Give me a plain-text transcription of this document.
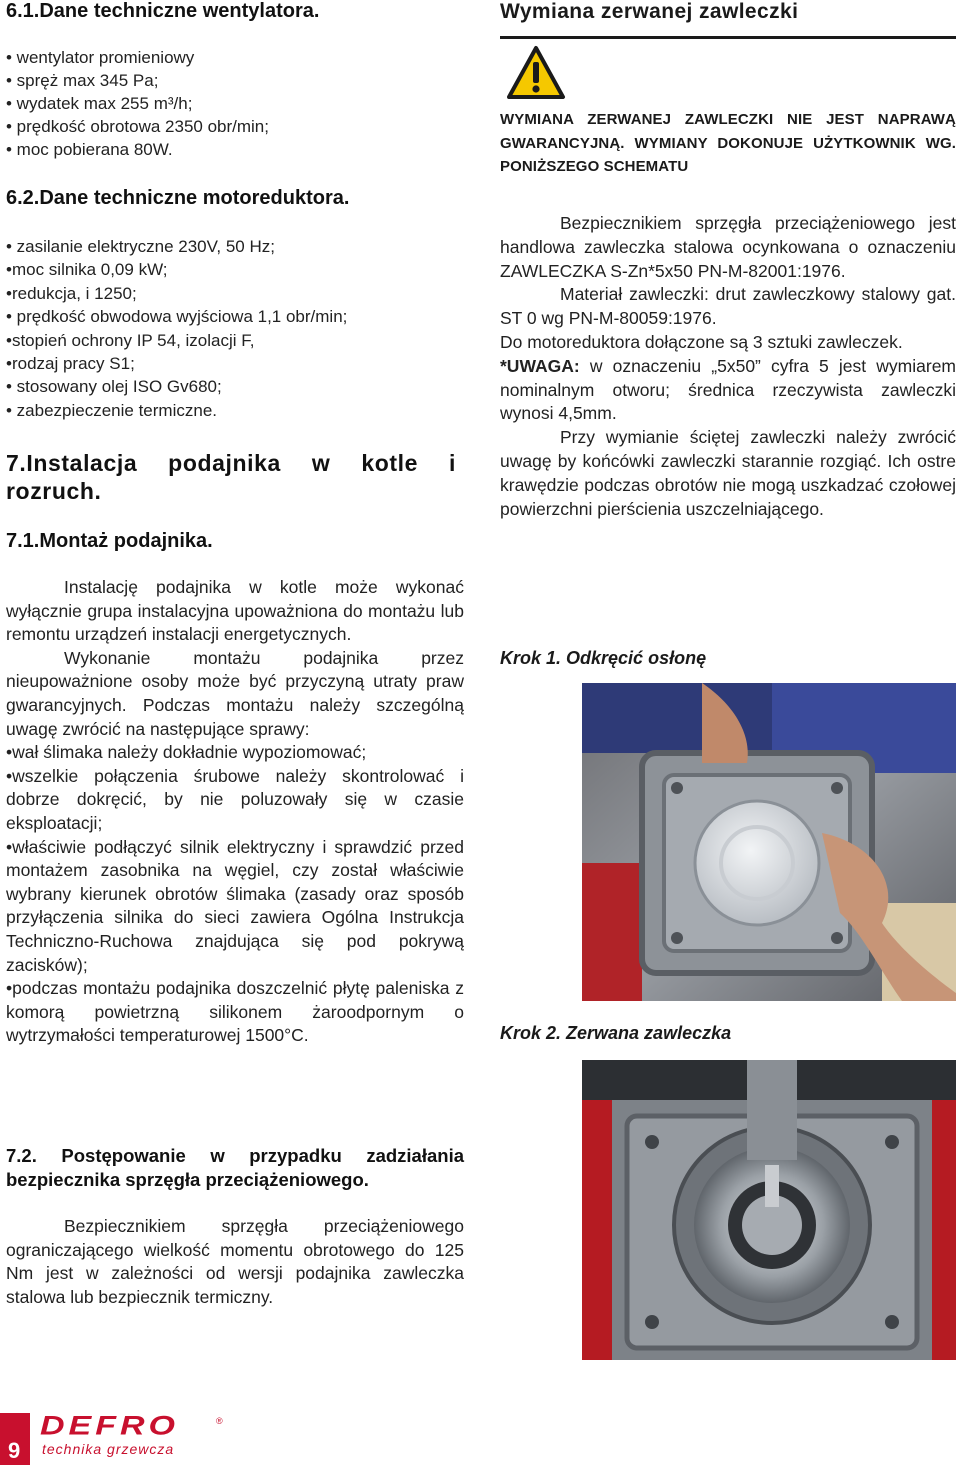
6.1.Dane techniczne wentylatora.

• wentylator promieniowy

• spręż max 345 Pa;

• wydatek max 255 m³/h;

• prędkość obrotowa 2350 obr/min;

• moc pobierana 80W.

6.2.Dane techniczne motoreduktora.

• zasilanie elektryczne 230V, 50 Hz;

•moc silnika 0,09 kW;

•redukcja, i 1250;

• prędkość obwodowa wyjściowa 1,1 obr/min;

•stopień ochrony IP 54, izolacji F,

•rodzaj pracy S1;

• stosowany olej ISO Gv680;

• zabezpieczenie termiczne.

7.Instalacja podajnika w kotle i rozruch.
7.1.Montaż podajnika.

Instalację podajnika w kotle może wykonać wyłącznie grupa instalacyjna upoważniona do montażu lub remontu urządzeń instalacji energetycznych.

Wykonanie montażu podajnika przez nieupoważnione osoby może być przyczyną utraty praw gwarancyjnych. Podczas montażu należy szczególną uwagę zwrócić na następujące sprawy:

• wał ślimaka należy dokładnie wypoziomować;

• wszelkie połączenia śrubowe należy skontrolować i dobrze dokręcić, by nie poluzowały się w czasie eksploatacji;

• właściwie podłączyć silnik elektryczny i sprawdzić przed montażem zasobnika na węgiel, czy został właściwie wybrany kierunek obrotów ślimaka (zasady oraz sposób przyłączenia silnika do sieci zawiera Ogólna Instrukcja Techniczno-Ruchowa znajdująca się pod pokrywą zacisków);

• podczas montażu podajnika doszczelnić płytę paleniska z komorą powietrzną silikonem żaroodpornym o wytrzymałości temperaturowej 1500°C.

7.2. Postępowanie w przypadku zadziałania bezpiecznika sprzęgła przeciążeniowego.

Bezpiecznikiem sprzęgła przeciążeniowego ograniczającego wielkość momentu obrotowego do 125 Nm jest w zależności od wersji podajnika zawleczka stalowa lub bezpiecznik termiczny.

Wymiana zerwanej zawleczki

WYMIANA ZERWANEJ ZAWLECZKI NIE JEST NAPRAWĄ GWARANCYJNĄ. WYMIANY DOKONUJE UŻYTKOWNIK WG. PONIŻSZEGO SCHEMATU

Bezpiecznikiem sprzęgła przeciążeniowego jest handlowa zawleczka stalowa ocynkowana o oznaczeniu ZAWLECZKA S-Zn*5x50 PN-M-82001:1976.

Materiał zawleczki: drut zawleczkowy stalowy gat. ST 0 wg PN-M-80059:1976.

Do motoreduktora dołączone są 3 sztuki zawleczek.

*UWAGA: w oznaczeniu „5x50” cyfra 5 jest wymiarem nominalnym otworu; średnica rzeczywista zawleczki wynosi 4,5mm.

Przy wymianie ściętej zawleczki należy zwrócić uwagę by końcówki zawleczki starannie rozgiąć. Ich ostre krawędzie podczas obrotów nie mogą uszkadzać czołowej powierzchni pierścienia uszczelniającego.

Krok 1. Odkręcić osłonę

Krok 2. Zerwana zawleczka

9
DEFRO	®
technika grzewcza
